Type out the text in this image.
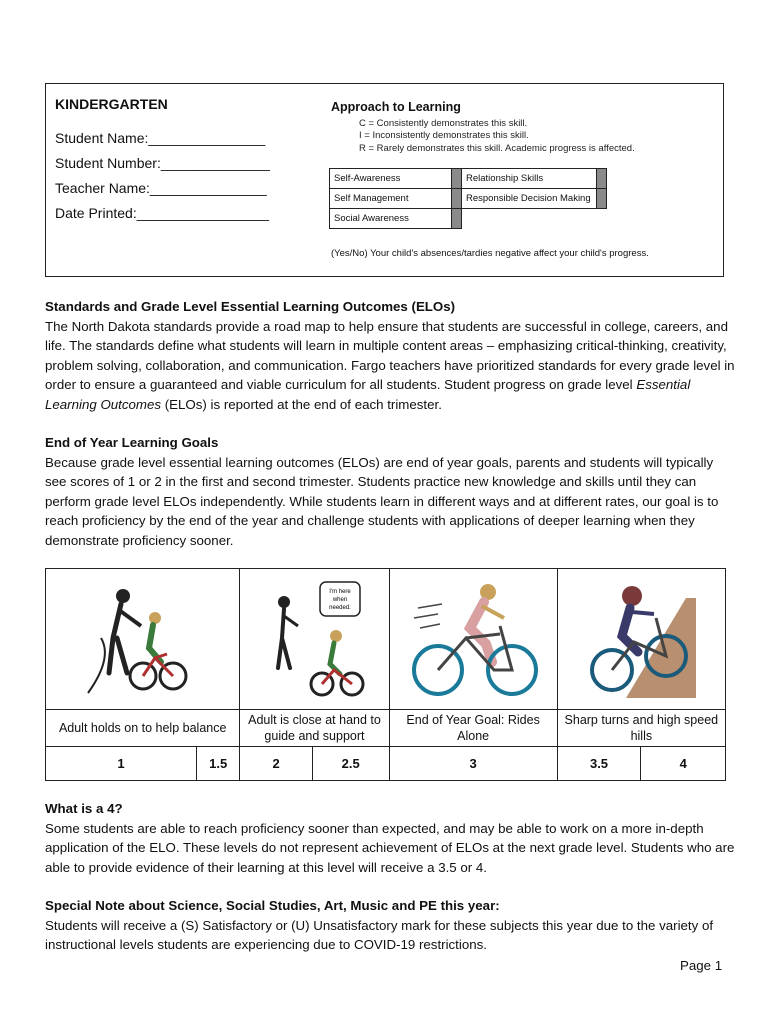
KINDERGARTEN
Student Name:_______________
Student Number:______________
Teacher Name:_______________
Date Printed:_________________
Approach to Learning
C = Consistently demonstrates this skill.
I = Inconsistently demonstrates this skill.
R = Rarely demonstrates this skill. Academic progress is affected.
Self-Awareness		Relationship Skills	
Self Management		Responsible Decision Making	
Social Awareness			
(Yes/No) Your child's absences/tardies negative affect your child's progress.
Standards and Grade Level Essential Learning Outcomes (ELOs)
The North Dakota standards provide a road map to help ensure that students are successful in college, careers, and life. The standards define what students will learn in multiple content areas – emphasizing critical-thinking, creativity, problem solving, collaboration, and communication. Fargo teachers have prioritized standards for every grade level in order to ensure a guaranteed and viable curriculum for all students. Student progress on grade level Essential Learning Outcomes (ELOs) is reported at the end of each trimester.
End of Year Learning Goals
Because grade level essential learning outcomes (ELOs) are end of year goals, parents and students will typically see scores of 1 or 2 in the first and second trimester. Students practice new knowledge and skills until they can perform grade level ELOs independently. While students learn in different ways and at different rates, our goal is to reach proficiency by the end of the year and challenge students with applications of deeper learning when they demonstrate proficiency sooner.

I'm here
when
needed.

Adult holds on to help balance		Adult is close at hand to guide and support		End of Year Goal: Rides Alone	Sharp turns and high speed hills	
1	1.5	2	2.5	3	3.5	4
What is a 4?
Some students are able to reach proficiency sooner than expected, and may be able to work on a more in-depth application of the ELO. These levels do not represent achievement of ELOs at the next grade level. Students who are able to provide evidence of their learning at this level will receive a 3.5 or 4.
Special Note about Science, Social Studies, Art, Music and PE this year:
Students will receive a (S) Satisfactory or (U) Unsatisfactory mark for these subjects this year due to the variety of instructional levels students are experiencing due to COVID-19 restrictions.
Page 1
